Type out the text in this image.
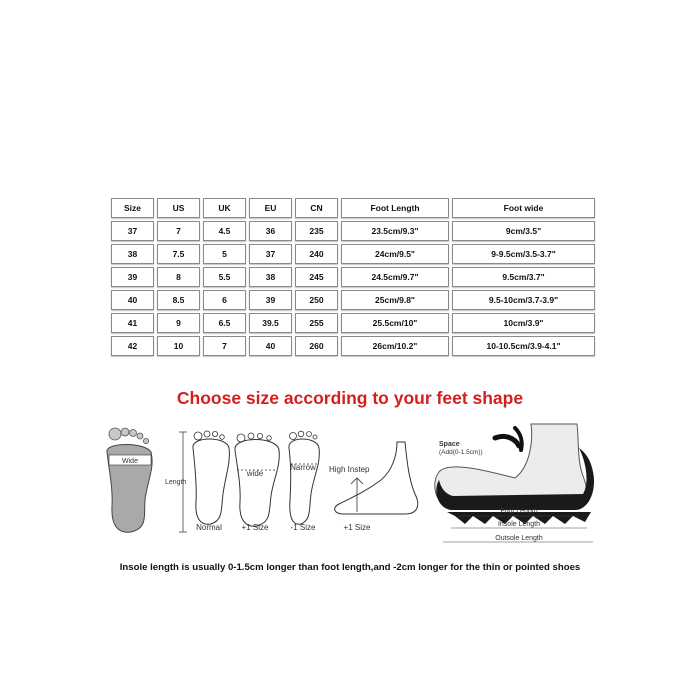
Size	US	UK	EU	CN	Foot Length	Foot wide
37	7	4.5	36	235	23.5cm/9.3"	9cm/3.5"
38	7.5	5	37	240	24cm/9.5"	9-9.5cm/3.5-3.7"
39	8	5.5	38	245	24.5cm/9.7"	9.5cm/3.7"
40	8.5	6	39	250	25cm/9.8"	9.5-10cm/3.7-3.9"
41	9	6.5	39.5	255	25.5cm/10"	10cm/3.9"
42	10	7	40	260	26cm/10.2"	10-10.5cm/3.9-4.1"
Choose size according to your feet shape
Wide
Length
Normal
wide
+1 Size
Narrow
-1 Size
High Instep
+1 Size
Space
(Add(0-1.5cm))
Foot Length
Insole Length
Outsole Length
Insole length is usually 0-1.5cm longer than foot length,and -2cm longer for the thin or pointed shoes
